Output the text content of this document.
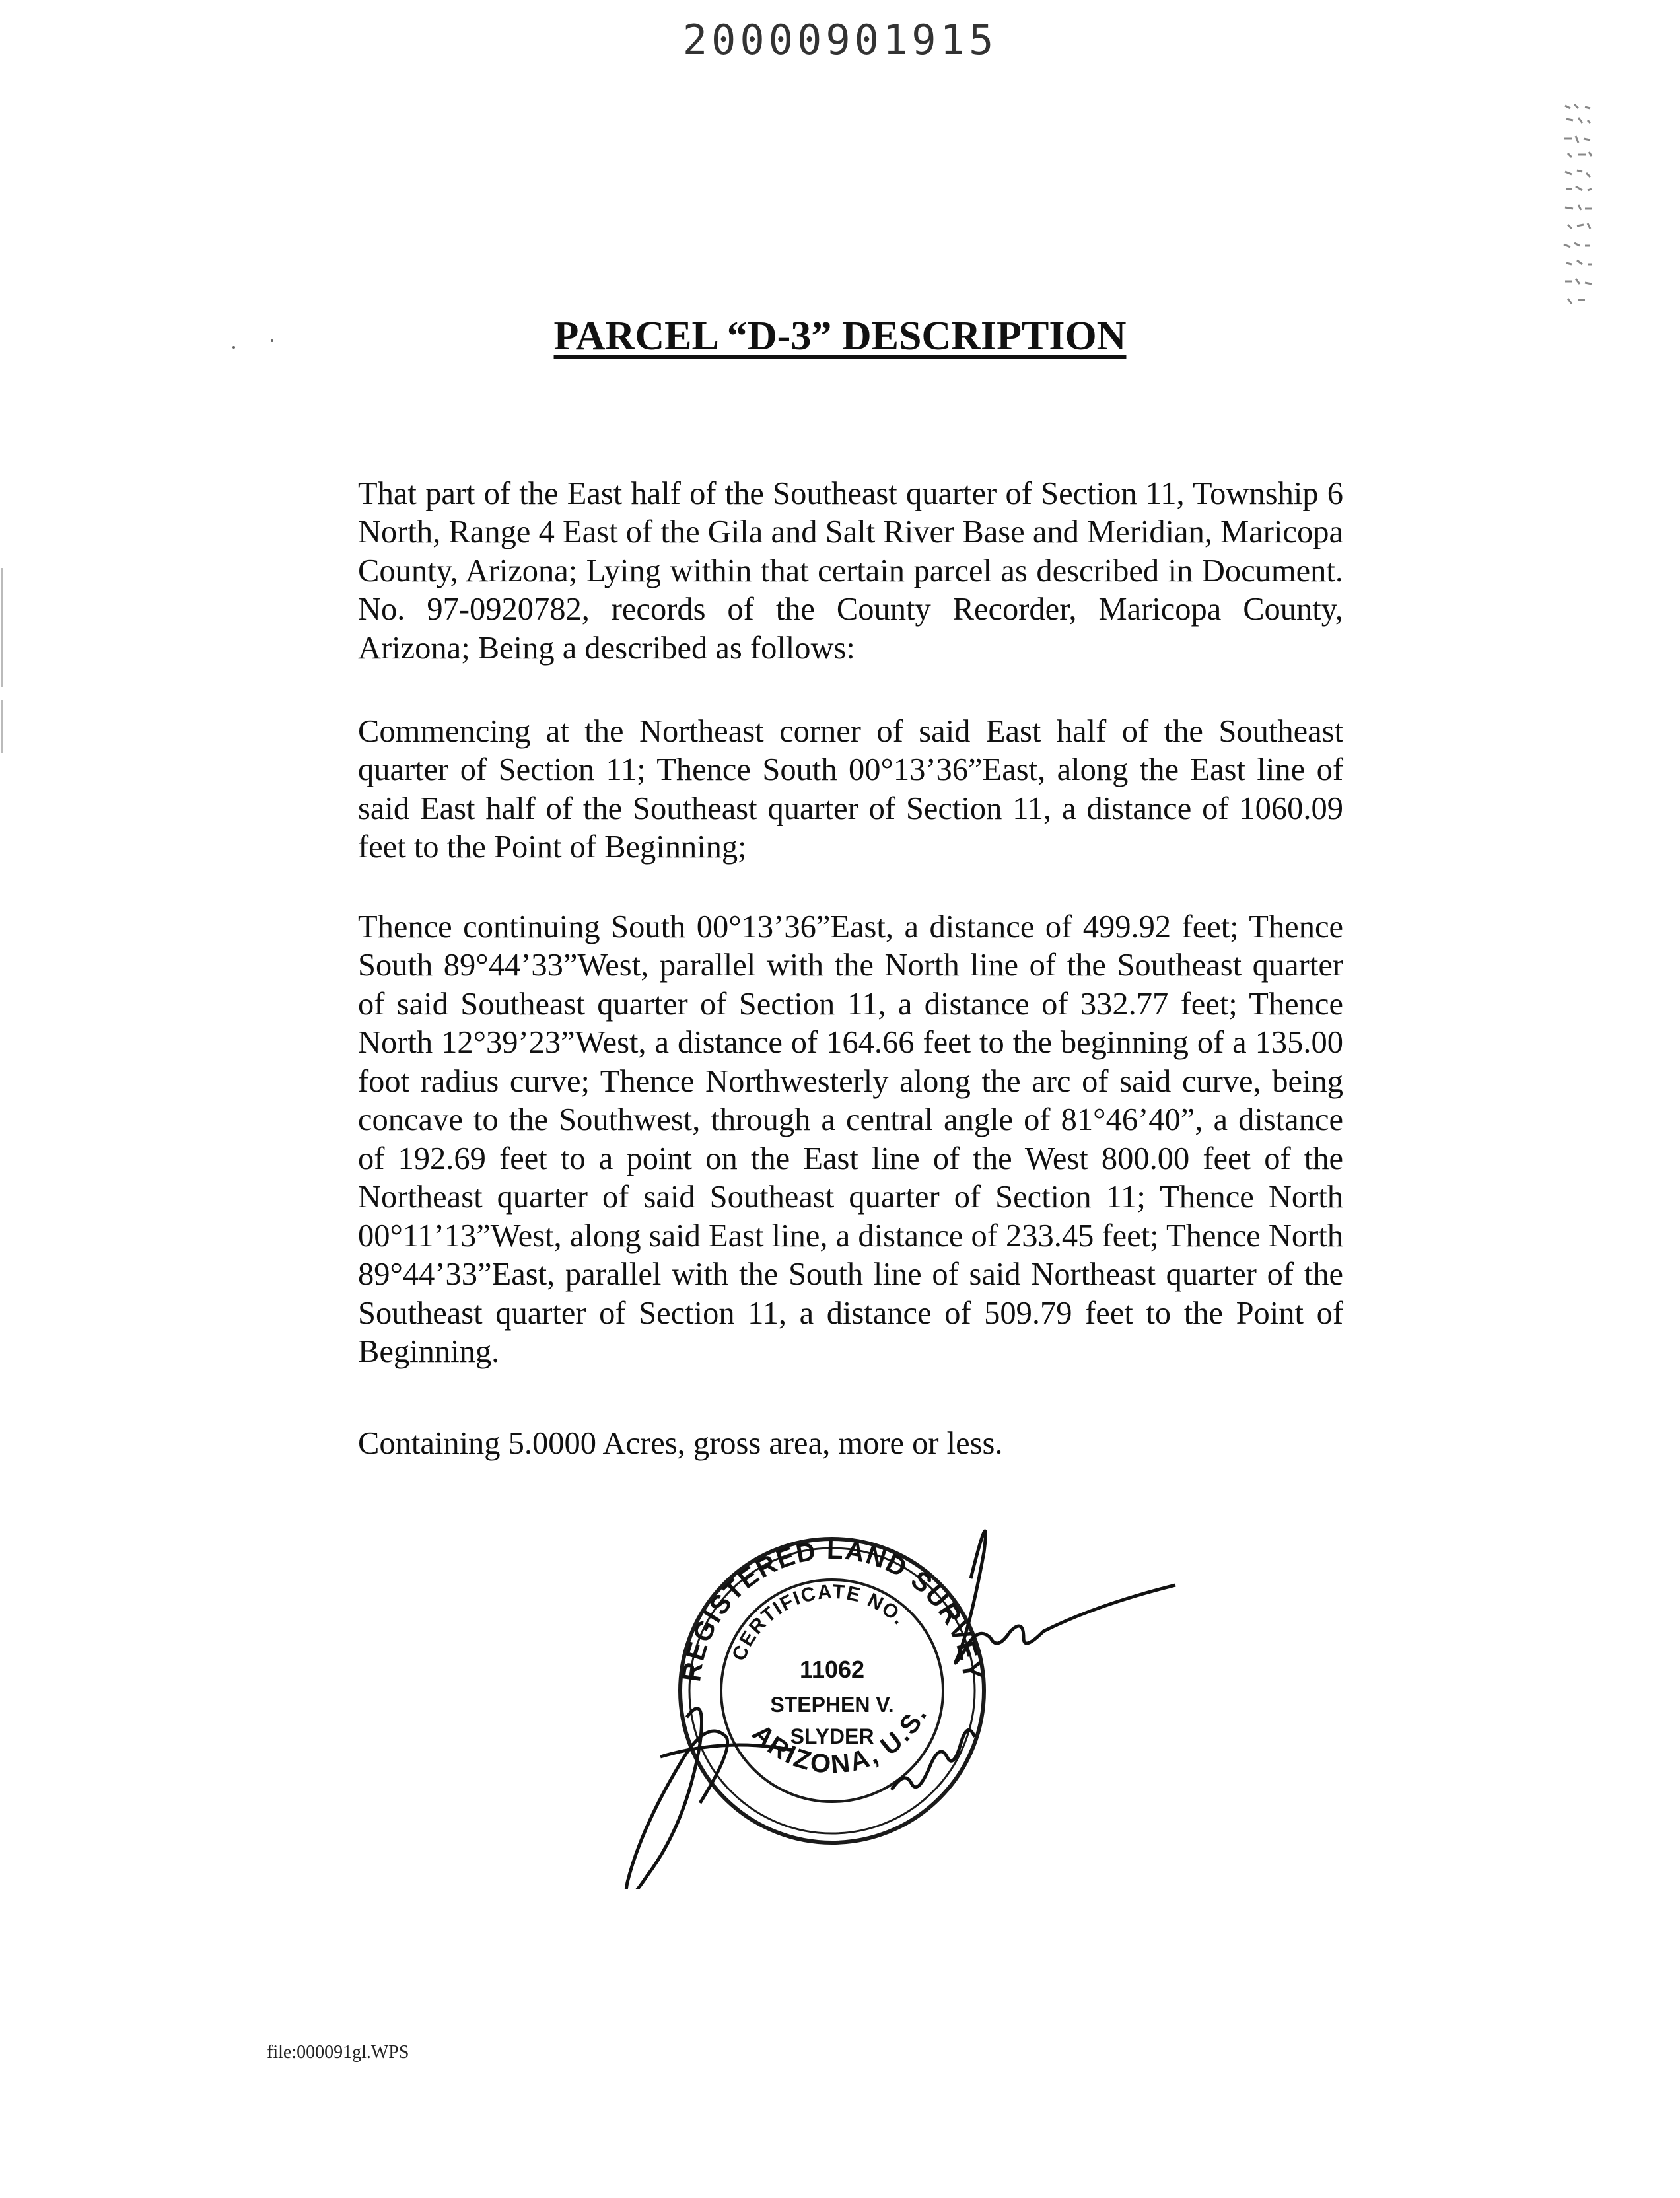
20000901915
PARCEL “D-3” DESCRIPTION

That part of the East half of the Southeast quarter of Section 11, Township 6 North, Range 4 East of the Gila and Salt River Base and Meridian, Maricopa County, Arizona; Lying within that certain parcel as described in Document. No. 97-0920782, records of the County Recorder, Maricopa County, Arizona; Being a described as follows:

Commencing at the Northeast corner of said East half of the Southeast quarter of Section 11; Thence South 00°13’36”East, along the East line of said East half of the Southeast quarter of Section 11, a distance of 1060.09 feet to the Point of Beginning;

Thence continuing South 00°13’36”East, a distance of 499.92 feet; Thence South 89°44’33”West, parallel with the North line of the Southeast quarter of said Southeast quarter of Section 11, a distance of 332.77 feet; Thence North 12°39’23”West, a distance of 164.66 feet to the beginning of a 135.00 foot radius curve; Thence Northwesterly along the arc of said curve, being concave to the Southwest, through a central angle of 81°46’40”, a distance of 192.69 feet to a point on the East line of the West 800.00 feet of the Northeast quarter of said Southeast quarter of Section 11; Thence North 00°11’13”West, along said East line, a distance of 233.45 feet; Thence North 89°44’33”East, parallel with the South line of said Northeast quarter of the Southeast quarter of Section 11, a distance of 509.79 feet to the Point of Beginning.

Containing 5.0000 Acres, gross area, more or less.

REGISTERED LAND SURVEY
CERTIFICATE NO.
ARIZONA, U.S.
11062
STEPHEN V.
SLYDER
file:000091gl.WPS
